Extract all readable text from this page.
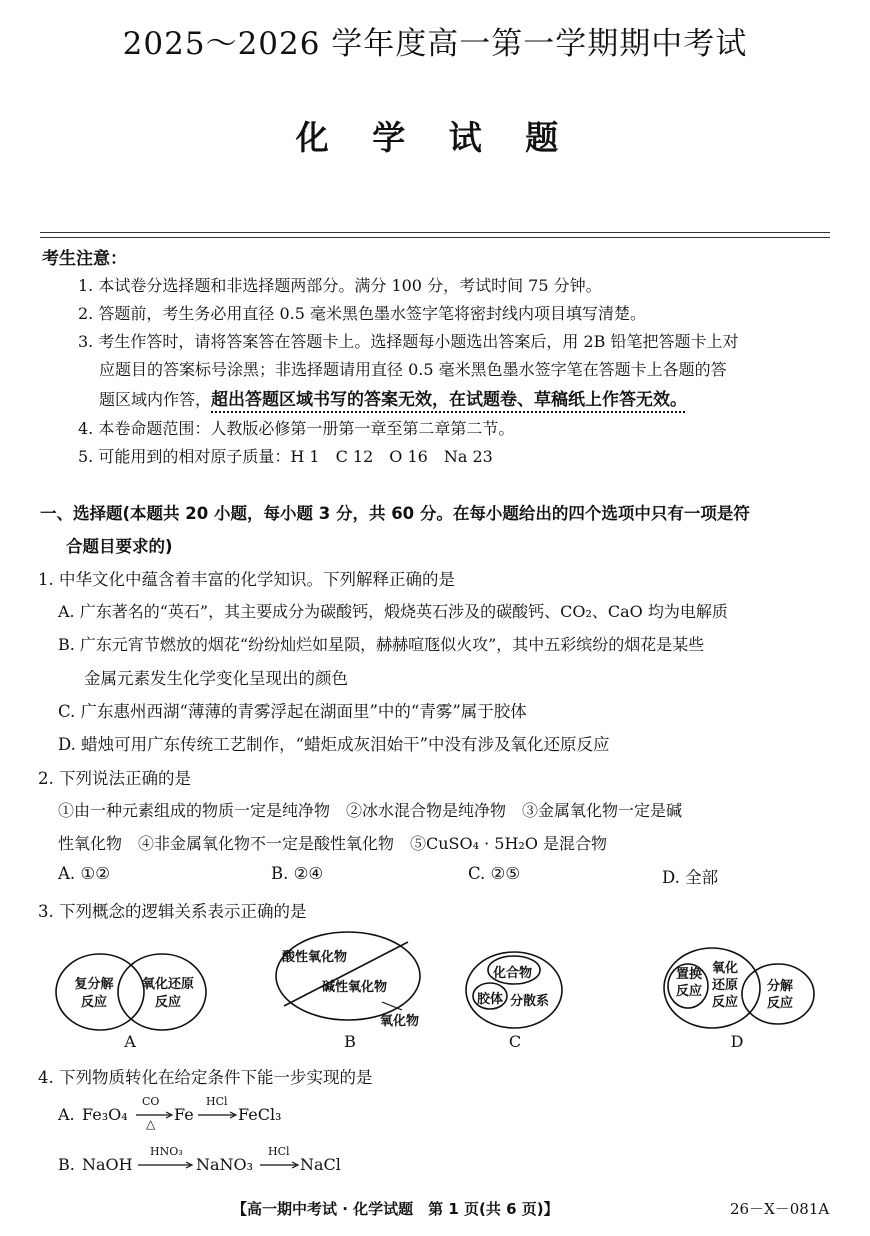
2025～2026 学年度高一第一学期期中考试
化 学 试 题
考生注意：
1. 本试卷分选择题和非选择题两部分。满分 100 分，考试时间 75 分钟。
2. 答题前，考生务必用直径 0.5 毫米黑色墨水签字笔将密封线内项目填写清楚。
3. 考生作答时，请将答案答在答题卡上。选择题每小题选出答案后，用 2B 铅笔把答题卡上对
应题目的答案标号涂黑；非选择题请用直径 0.5 毫米黑色墨水签字笔在答题卡上各题的答
题区域内作答，超出答题区域书写的答案无效，在试题卷、草稿纸上作答无效。
4. 本卷命题范围：人教版必修第一册第一章至第二章第二节。
5. 可能用到的相对原子质量：H 1　C 12　O 16　Na 23
一、选择题(本题共 20 小题，每小题 3 分，共 60 分。在每小题给出的四个选项中只有一项是符
合题目要求的)
1. 中华文化中蕴含着丰富的化学知识。下列解释正确的是
A. 广东著名的“英石”，其主要成分为碳酸钙，煅烧英石涉及的碳酸钙、CO₂、CaO 均为电解质
B. 广东元宵节燃放的烟花“纷纷灿烂如星陨，赫赫喧豗似火攻”，其中五彩缤纷的烟花是某些
金属元素发生化学变化呈现出的颜色
C. 广东惠州西湖“薄薄的青雾浮起在湖面里”中的“青雾”属于胶体
D. 蜡烛可用广东传统工艺制作，“蜡炬成灰泪始干”中没有涉及氧化还原反应
2. 下列说法正确的是
①由一种元素组成的物质一定是纯净物　②冰水混合物是纯净物　③金属氧化物一定是碱
性氧化物　④非金属氧化物不一定是酸性氧化物　⑤CuSO₄ · 5H₂O 是混合物
A. ①②	B. ②④	C. ②⑤	D. 全部
3. 下列概念的逻辑关系表示正确的是
复分解
反应
氧化还原
反应
A
酸性氧化物
碱性氧化物
氧化物
B
化合物
胶体 分散系
C
置换
反应
氧化
还原
反应
分解
反应
D
4. 下列物质转化在给定条件下能一步实现的是
A. Fe₃O₄
CO
△ Fe
HCl
FeCl₃
B. NaOH
HNO₃
NaNO₃
HCl
NaCl
【高一期中考试 · 化学试题　第 1 页(共 6 页)】	26－X－081A
